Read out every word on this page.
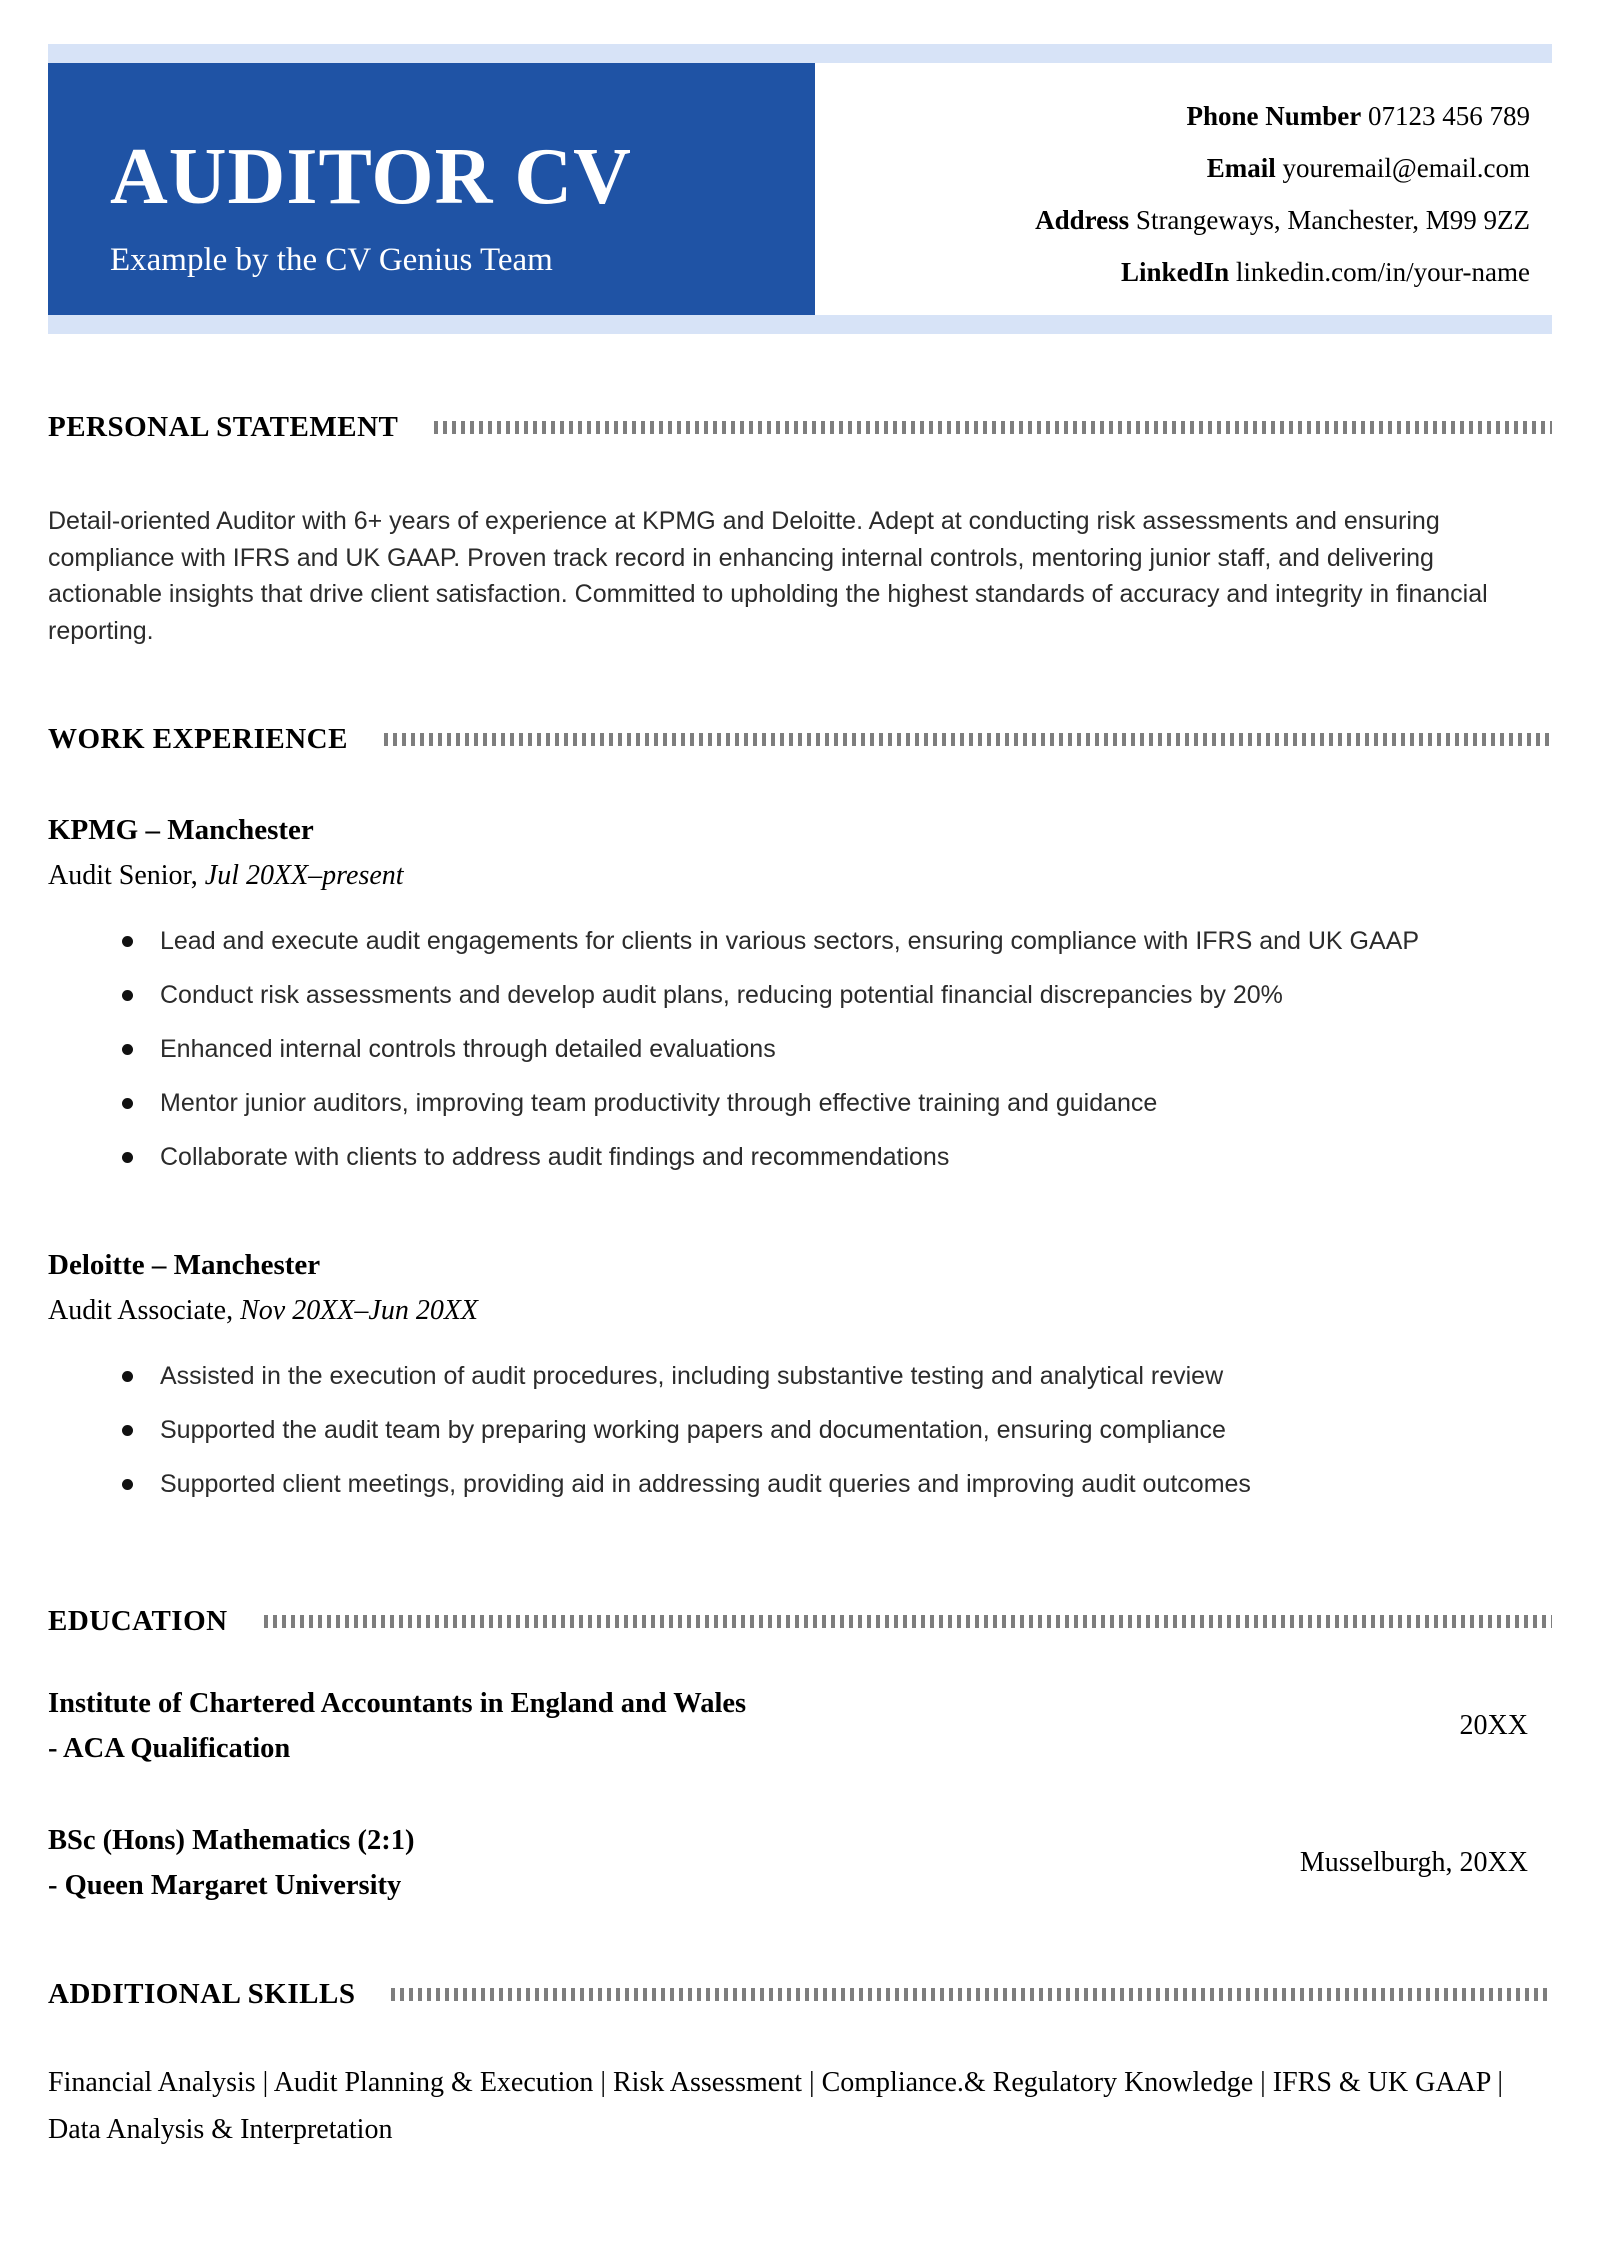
AUDITOR CV
Example by the CV Genius Team
Phone Number 07123 456 789
Email youremail@email.com
Address Strangeways, Manchester, M99 9ZZ
LinkedIn linkedin.com/in/your-name
PERSONAL STATEMENT

Detail-oriented Auditor with 6+ years of experience at KPMG and Deloitte. Adept at conducting risk assessments and ensuring compliance with IFRS and UK GAAP. Proven track record in enhancing internal controls, mentoring junior staff, and delivering actionable insights that drive client satisfaction. Committed to upholding the highest standards of accuracy and integrity in financial reporting.

WORK EXPERIENCE
KPMG – Manchester
Audit Senior, Jul 20XX–present
Lead and execute audit engagements for clients in various sectors, ensuring compliance with IFRS and UK GAAP
Conduct risk assessments and develop audit plans, reducing potential financial discrepancies by 20%
Enhanced internal controls through detailed evaluations
Mentor junior auditors, improving team productivity through effective training and guidance
Collaborate with clients to address audit findings and recommendations
Deloitte – Manchester
Audit Associate, Nov 20XX–Jun 20XX
Assisted in the execution of audit procedures, including substantive testing and analytical review
Supported the audit team by preparing working papers and documentation, ensuring compliance
Supported client meetings, providing aid in addressing audit queries and improving audit outcomes
EDUCATION
Institute of Chartered Accountants in England and Wales
- ACA Qualification
20XX
BSc (Hons) Mathematics (2:1)
- Queen Margaret University
Musselburgh, 20XX
ADDITIONAL SKILLS

Financial Analysis | Audit Planning & Execution | Risk Assessment | Compliance.& Regulatory Knowledge | IFRS & UK GAAP | Data Analysis & Interpretation
